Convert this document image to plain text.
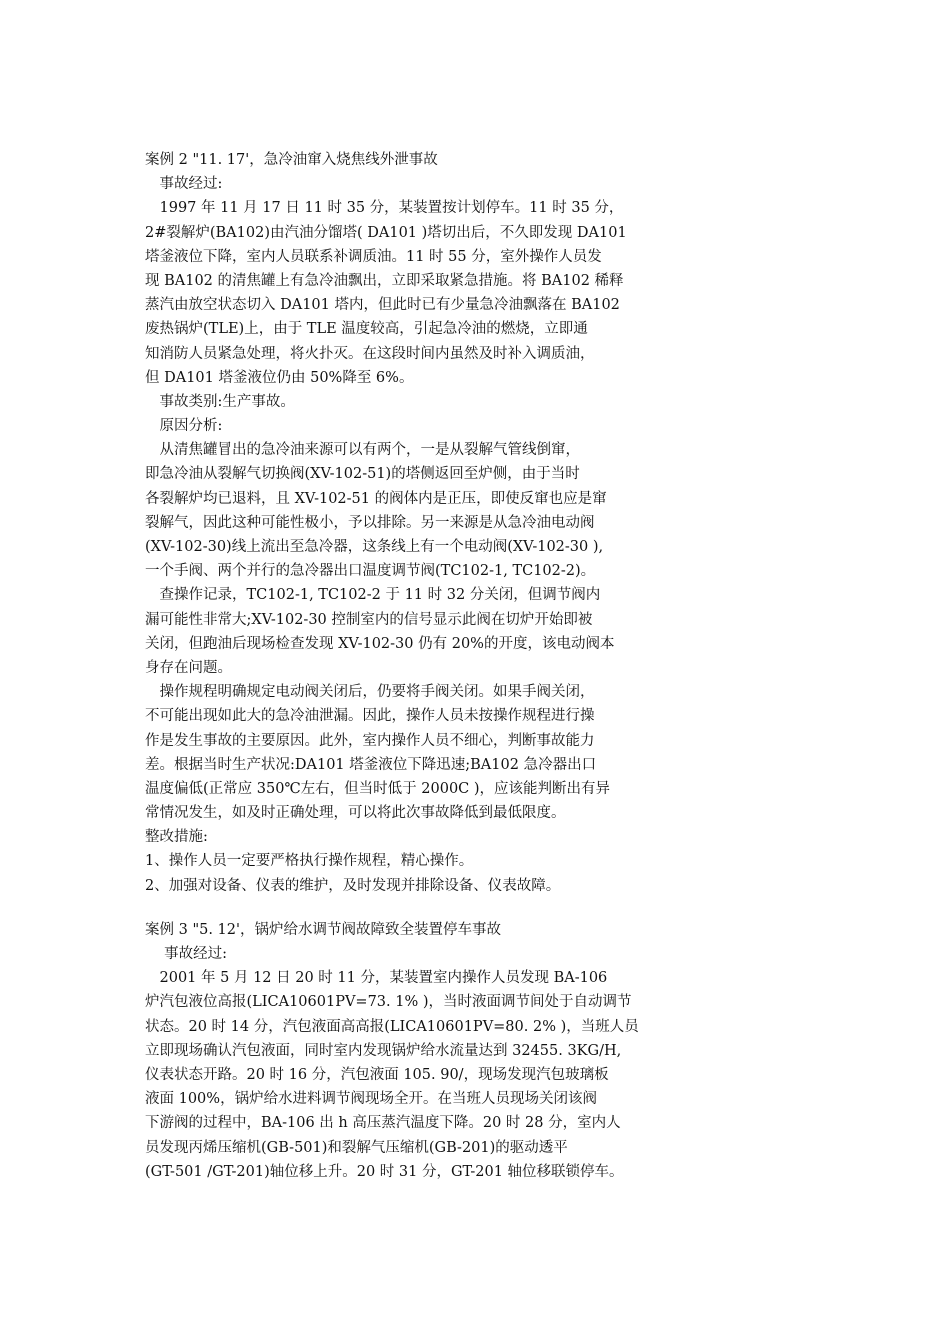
案例 2 "11. 17'，急冷油窜入烧焦线外泄事故
　事故经过:
　1997 年 11 月 17 日 11 时 35 分，某装置按计划停车。11 时 35 分，
2#裂解炉(BA102)由汽油分馏塔( DA101 )塔切出后，不久即发现 DA101
塔釜液位下降，室内人员联系补调质油。11 时 55 分，室外操作人员发
现 BA102 的清焦罐上有急冷油飘出，立即采取紧急措施。将 BA102 稀释
蒸汽由放空状态切入 DA101 塔内，但此时已有少量急冷油飘落在 BA102
废热锅炉(TLE)上，由于 TLE 温度较高，引起急冷油的燃烧，立即通
知消防人员紧急处理，将火扑灭。在这段时间内虽然及时补入调质油，
但 DA101 塔釜液位仍由 50%降至 6%。
　事故类别:生产事故。
　原因分析:
　从清焦罐冒出的急冷油来源可以有两个，一是从裂解气管线倒窜，
即急冷油从裂解气切换阀(XV-102-51)的塔侧返回至炉侧，由于当时
各裂解炉均已退料，且 XV-102-51 的阀体内是正压，即使反窜也应是窜
裂解气，因此这种可能性极小，予以排除。另一来源是从急冷油电动阀
(XV-102-30)线上流出至急冷器，这条线上有一个电动阀(XV-102-30 ),
一个手阀、两个并行的急冷器出口温度调节阀(TC102-1, TC102-2)。
　查操作记录，TC102-1, TC102-2 于 11 时 32 分关闭，但调节阀内
漏可能性非常大;XV-102-30 控制室内的信号显示此阀在切炉开始即被
关闭，但跑油后现场检查发现 XV-102-30 仍有 20%的开度，该电动阀本
身存在问题。
　操作规程明确规定电动阀关闭后，仍要将手阀关闭。如果手阀关闭，
不可能出现如此大的急冷油泄漏。因此，操作人员未按操作规程进行操
作是发生事故的主要原因。此外，室内操作人员不细心，判断事故能力
差。根据当时生产状况:DA101 塔釜液位下降迅速;BA102 急冷器出口
温度偏低(正常应 350℃左右，但当时低于 2000C )，应该能判断出有异
常情况发生，如及时正确处理，可以将此次事故降低到最低限度。
整改措施:
1、操作人员一定要严格执行操作规程，精心操作。
2、加强对设备、仪表的维护，及时发现并排除设备、仪表故障。
案例 3 "5. 12'，锅炉给水调节阀故障致全装置停车事故
　 事故经过:
　2001 年 5 月 12 日 20 时 11 分，某装置室内操作人员发现 BA-106
炉汽包液位高报(LICA10601PV=73. 1% )，当时液面调节间处于自动调节
状态。20 时 14 分，汽包液面高高报(LICA10601PV=80. 2% )，当班人员
立即现场确认汽包液面，同时室内发现锅炉给水流量达到 32455. 3KG/H,
仪表状态开路。20 时 16 分，汽包液面 105. 90/，现场发现汽包玻璃板
液面 100%，锅炉给水进料调节阀现场全开。在当班人员现场关闭该阀
下游阀的过程中，BA-106 出 h 高压蒸汽温度下降。20 时 28 分，室内人
员发现丙烯压缩机(GB-501)和裂解气压缩机(GB-201)的驱动透平
(GT-501 /GT-201)轴位移上升。20 时 31 分，GT-201 轴位移联锁停车。
